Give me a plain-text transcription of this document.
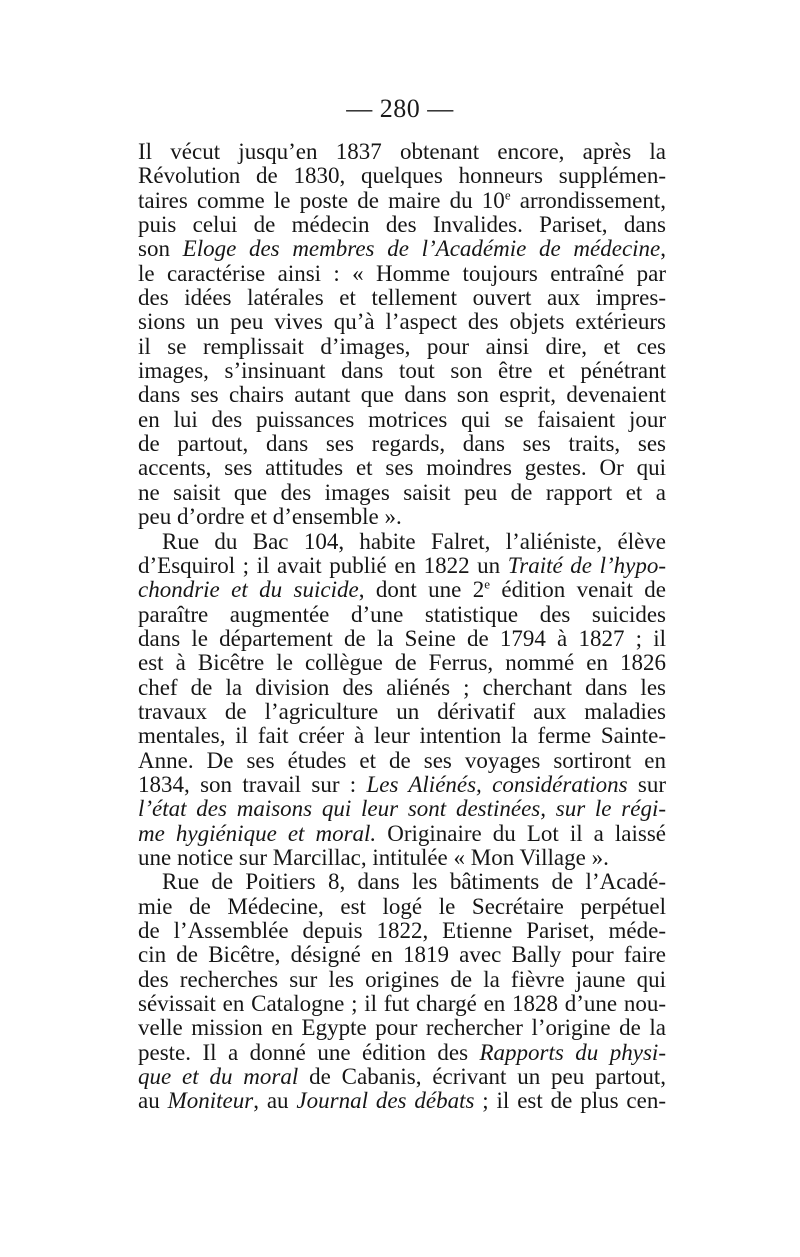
— 280 —
Il vécut jusqu’en 1837 obtenant encore, après la
Révolution de 1830, quelques honneurs supplémen-
taires comme le poste de maire du 10e arrondissement,
puis celui de médecin des Invalides. Pariset, dans
son Eloge des membres de l’Académie de médecine,
le caractérise ainsi : « Homme toujours entraîné par
des idées latérales et tellement ouvert aux impres-
sions un peu vives qu’à l’aspect des objets extérieurs
il se remplissait d’images, pour ainsi dire, et ces
images, s’insinuant dans tout son être et pénétrant
dans ses chairs autant que dans son esprit, devenaient
en lui des puissances motrices qui se faisaient jour
de partout, dans ses regards, dans ses traits, ses
accents, ses attitudes et ses moindres gestes. Or qui
ne saisit que des images saisit peu de rapport et a
peu d’ordre et d’ensemble ».
Rue du Bac 104, habite Falret, l’aliéniste, élève
d’Esquirol ; il avait publié en 1822 un Traité de l’hypo-
chondrie et du suicide, dont une 2e édition venait de
paraître augmentée d’une statistique des suicides
dans le département de la Seine de 1794 à 1827 ; il
est à Bicêtre le collègue de Ferrus, nommé en 1826
chef de la division des aliénés ; cherchant dans les
travaux de l’agriculture un dérivatif aux maladies
mentales, il fait créer à leur intention la ferme Sainte-
Anne. De ses études et de ses voyages sortiront en
1834, son travail sur : Les Aliénés, considérations sur
l’état des maisons qui leur sont destinées, sur le régi-
me hygiénique et moral. Originaire du Lot il a laissé
une notice sur Marcillac, intitulée « Mon Village ».
Rue de Poitiers 8, dans les bâtiments de l’Acadé-
mie de Médecine, est logé le Secrétaire perpétuel
de l’Assemblée depuis 1822, Etienne Pariset, méde-
cin de Bicêtre, désigné en 1819 avec Bally pour faire
des recherches sur les origines de la fièvre jaune qui
sévissait en Catalogne ; il fut chargé en 1828 d’une nou-
velle mission en Egypte pour rechercher l’origine de la
peste. Il a donné une édition des Rapports du physi-
que et du moral de Cabanis, écrivant un peu partout,
au Moniteur, au Journal des débats ; il est de plus cen-
